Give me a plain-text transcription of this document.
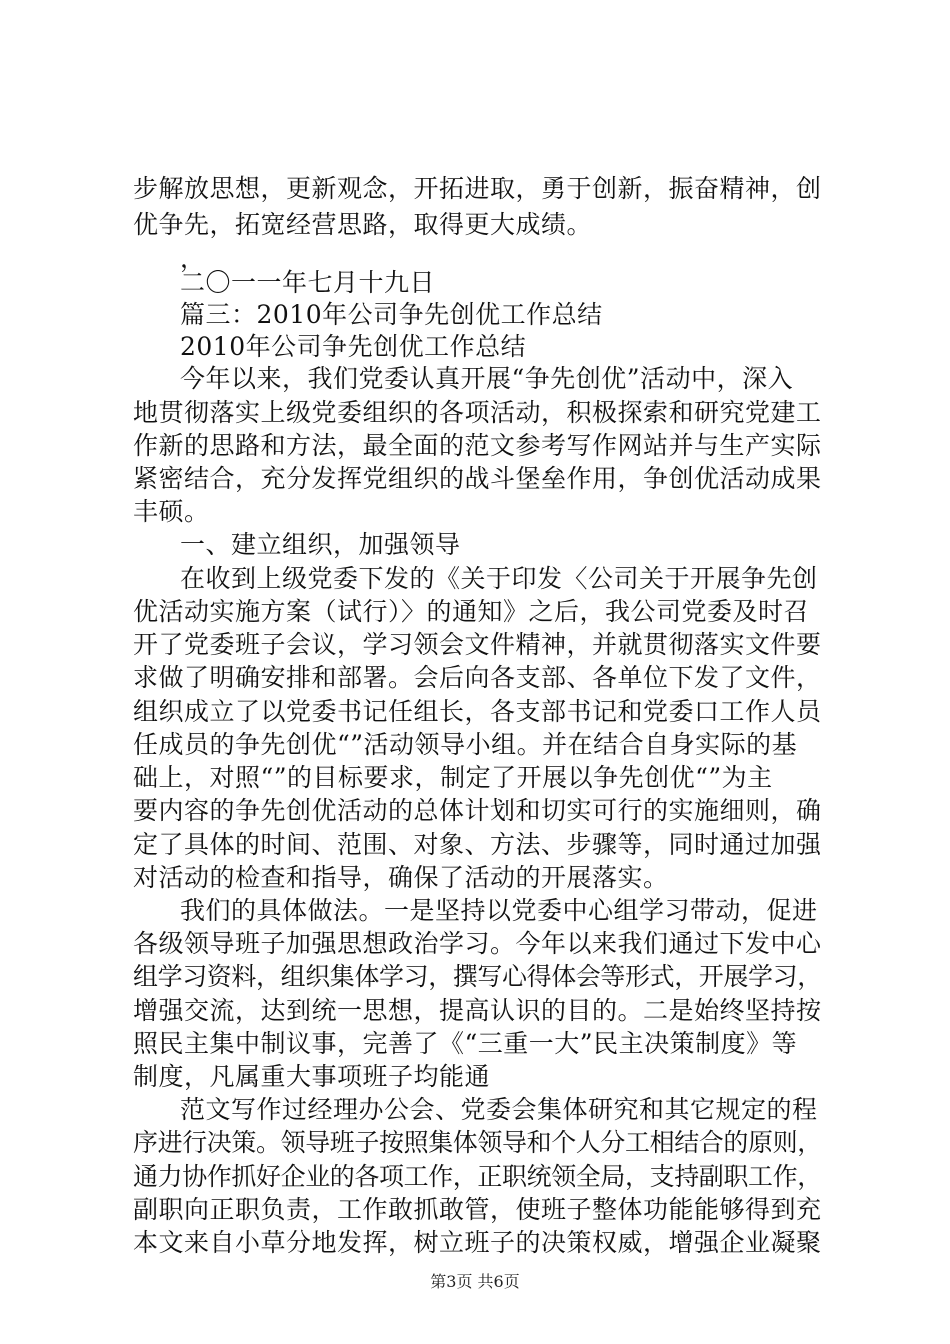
步解放思想，更新观念，开拓进取，勇于创新，振奋精神，创
优争先，拓宽经营思路，取得更大成绩。
，
二〇一一年七月十九日
篇三：2010年公司争先创优工作总结
2010年公司争先创优工作总结
今年以来，我们党委认真开展“争先创优”活动中，深入
地贯彻落实上级党委组织的各项活动，积极探索和研究党建工
作新的思路和方法，最全面的范文参考写作网站并与生产实际
紧密结合，充分发挥党组织的战斗堡垒作用，争创优活动成果
丰硕。
一、建立组织，加强领导
在收到上级党委下发的《关于印发〈公司关于开展争先创
优活动实施方案（试行）〉的通知》之后，我公司党委及时召
开了党委班子会议，学习领会文件精神，并就贯彻落实文件要
求做了明确安排和部署。会后向各支部、各单位下发了文件，
组织成立了以党委书记任组长，各支部书记和党委口工作人员
任成员的争先创优“”活动领导小组。并在结合自身实际的基
础上，对照“”的目标要求，制定了开展以争先创优“”为主
要内容的争先创优活动的总体计划和切实可行的实施细则，确
定了具体的时间、范围、对象、方法、步骤等，同时通过加强
对活动的检查和指导，确保了活动的开展落实。
我们的具体做法。一是坚持以党委中心组学习带动，促进
各级领导班子加强思想政治学习。今年以来我们通过下发中心
组学习资料，组织集体学习，撰写心得体会等形式，开展学习，
增强交流，达到统一思想，提高认识的目的。二是始终坚持按
照民主集中制议事，完善了《“三重一大”民主决策制度》等
制度，凡属重大事项班子均能通
范文写作过经理办公会、党委会集体研究和其它规定的程
序进行决策。领导班子按照集体领导和个人分工相结合的原则，
通力协作抓好企业的各项工作，正职统领全局，支持副职工作，
副职向正职负责，工作敢抓敢管，使班子整体功能能够得到充
本文来自小草分地发挥，树立班子的决策权威，增强企业凝聚
第3页 共6页
